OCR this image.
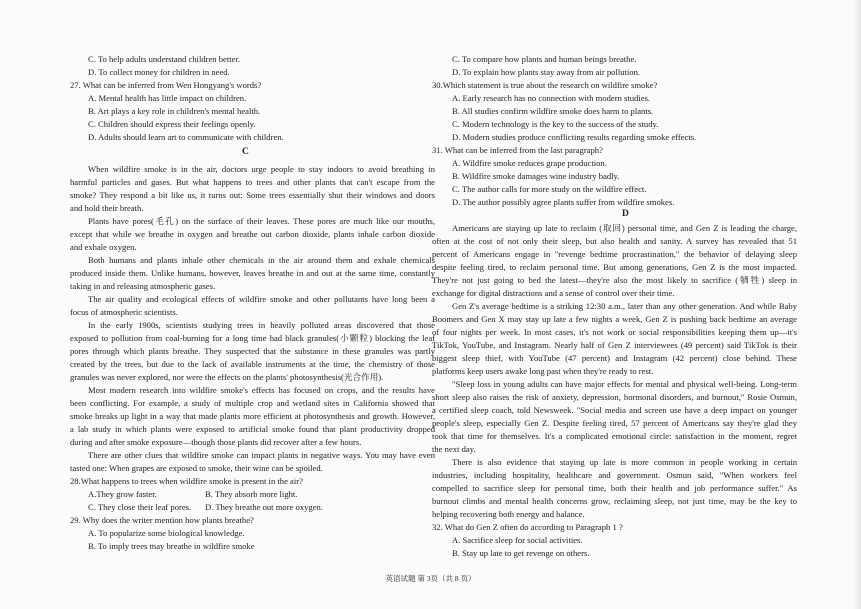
·
C. To help adults understand children better.
D. To collect money for children in need.
27. What can be inferred from Wen Hongyang's words?
A. Mental health has little impact on children.
B. Art plays a key role in children's mental health.
C. Children should express their feelings openly.
D. Adults should learn art to communicate with children.
C
When wildfire smoke is in the air, doctors urge people to stay indoors to avoid breathing in
harmful particles and gases. But what happens to trees and other plants that can't escape from the
smoke? They respond a bit like us, it turns out: Some trees essentially shut their windows and doors
and hold their breath.
Plants have pores(毛孔) on the surface of their leaves. These pores are much like our mouths,
except that while we breathe in oxygen and breathe out carbon dioxide, plants inhale carbon dioxide
and exhale oxygen.
Both humans and plants inhale other chemicals in the air around them and exhale chemicals
produced inside them. Unlike humans, however, leaves breathe in and out at the same time, constantly
taking in and releasing atmospheric gases.
The air quality and ecological effects of wildfire smoke and other pollutants have long been a
focus of atmospheric scientists.
In the early 1900s, scientists studying trees in heavily polluted areas discovered that those
exposed to pollution from coal-burning for a long time had black granules(小颗粒) blocking the leaf
pores through which plants breathe. They suspected that the substance in these granules was partly
created by the trees, but due to the lack of available instruments at the time, the chemistry of those
granules was never explored, nor were the effects on the plants' photosynthesis(光合作用).
Most modern research into wildfire smoke's effects has focused on crops, and the results have
been conflicting. For example, a study of multiple crop and wetland sites in California showed that
smoke breaks up light in a way that made plants more efficient at photosynthesis and growth. However,
a lab study in which plants were exposed to artificial smoke found that plant productivity dropped
during and after smoke exposure—though those plants did recover after a few hours.
There are other clues that wildfire smoke can impact plants in negative ways. You may have even
tasted one: When grapes are exposed to smoke, their wine can be spoiled.
28.What happens to trees when wildfire smoke is present in the air?
A.They grow faster.	B. They absorb more light.
C. They close their leaf pores. D. They breathe out more oxygen.
29. Why does the writer mention how plants breathe?
A. To popularize some biological knowledge.
B. To imply trees may breathe in wildfire smoke
C. To compare how plants and human beings breathe.
D. To explain how plants stay away from air pollution.
30.Which statement is true about the research on wildfire smoke?
A. Early research has no connection with modern studies.
B. All studies confirm wildfire smoke does harm to plants.
C. Modern technology is the key to the success of the study.
D. Modern studies produce conflicting results regarding smoke effects.
31. What can be inferred from the last paragraph?
A. Wildfire smoke reduces grape production.
B. Wildfire smoke damages wine industry badly.
C. The author calls for more study on the wildfire effect.
D. The author possibly agree plants suffer from wildfire smokes.
D
Americans are staying up late to reclaim (取回) personal time, and Gen Z is leading the charge,
often at the cost of not only their sleep, but also health and sanity. A survey has revealed that 51
percent of Americans engage in "revenge bedtime procrastination," the behavior of delaying sleep
despite feeling tired, to reclaim personal time. But among generations, Gen Z is the most impacted.
They're not just going to bed the latest—they're also the most likely to sacrifice (牺牲) sleep in
exchange for digital distractions and a sense of control over their time.
Gen Z's average bedtime is a striking 12:30 a.m., later than any other generation. And while Baby
Boomers and Gen X may stay up late a few nights a week, Gen Z is pushing back bedtime an average
of four nights per week. In most cases, it's not work or social responsibilities keeping them up—it's
TikTok, YouTube, and Instagram. Nearly half of Gen Z interviewees (49 percent) said TikTok is their
biggest sleep thief, with YouTube (47 percent) and Instagram (42 percent) close behind. These
platforms keep users awake long past when they're ready to rest.
"Sleep loss in young adults can have major effects for mental and physical well-being. Long-term
short sleep also raises the risk of anxiety, depression, hormonal disorders, and burnout," Rosie Osmun,
a certified sleep coach, told Newsweek. "Social media and screen use have a deep impact on younger
people's sleep, especially Gen Z. Despite feeling tired, 57 percent of Americans say they're glad they
took that time for themselves. It's a complicated emotional circle: satisfaction in the moment, regret
the next day.
There is also evidence that staying up late is more common in people working in certain
industries, including hospitality, healthcare and government. Osmun said, "When workers feel
compelled to sacrifice sleep for personal time, both their health and job performance suffer." As
burnout climbs and mental health concerns grow, reclaiming sleep, not just time, may be the key to
helping recovering both energy and balance.
32. What do Gen Z often do according to Paragraph 1 ?
A. Sacrifice sleep for social activities.
B. Stay up late to get revenge on others.
英语试题 第 3页（共 8 页）
